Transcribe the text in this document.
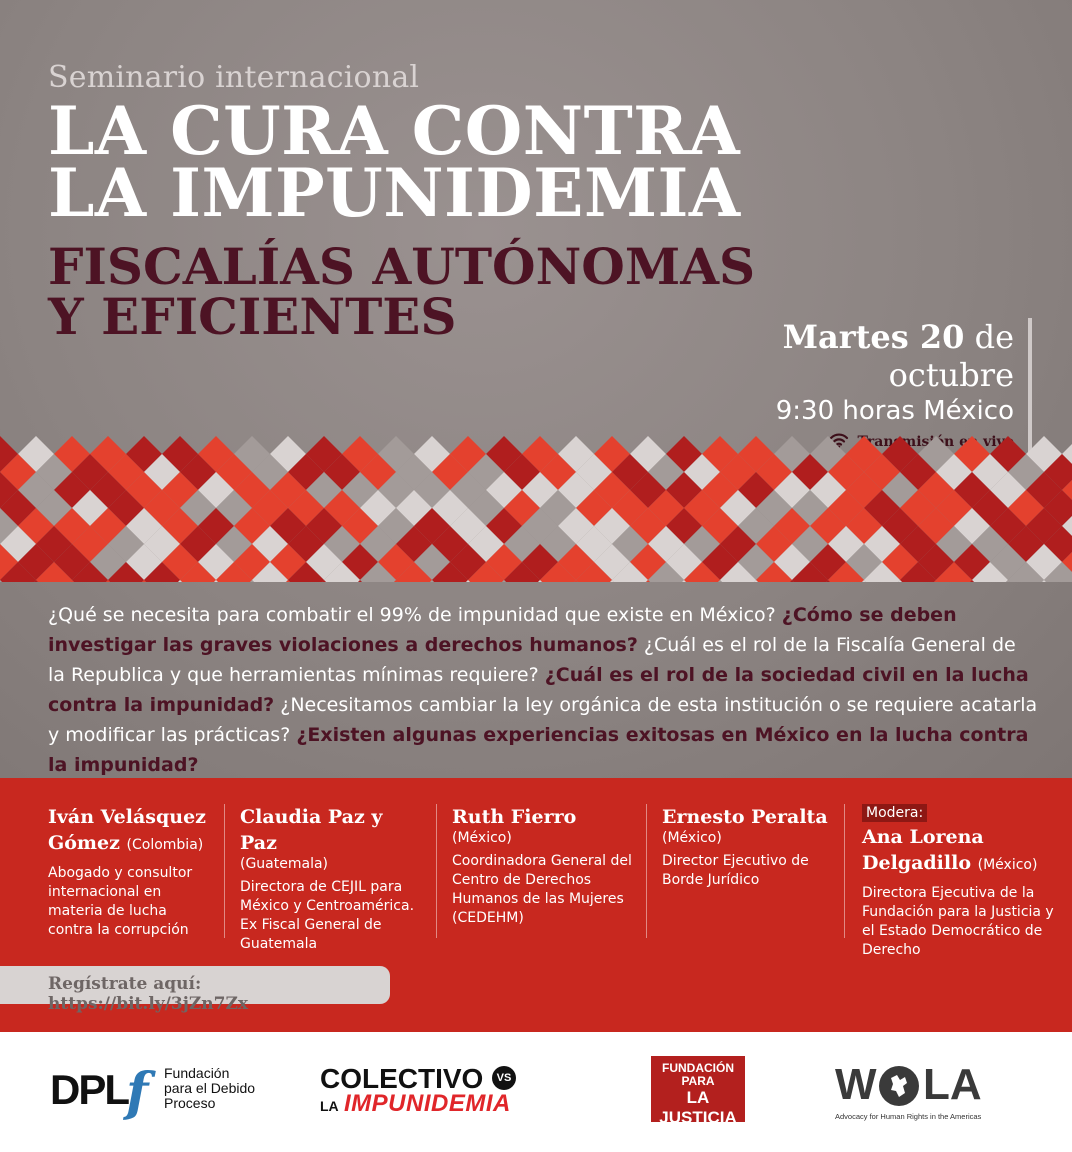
Seminario internacional
LA CURA CONTRA
LA IMPUNIDEMIA
FISCALÍAS AUTÓNOMAS
Y EFICIENTES	Martes 20 de octubre
9:30 horas México
vivo
¿Qué se necesita para combatir el 99% de impunidad que existe en México? ¿Cómo se deben investigar las graves violaciones a derechos humanos? ¿Cuál es el rol de la Fiscalía General de la Republica y que herramientas mínimas requiere? ¿Cuál es el rol de la sociedad civil en la lucha contra la impunidad? ¿Necesitamos cambiar la ley orgánica de esta institución o se requiere acatarla y modificar las prácticas? ¿Existen algunas experiencias exitosas en México en la lucha contra la impunidad?
Iván Velásquez Gómez (Colombia)
Abogado y consultor internacional en materia de lucha contra la corrupción
Claudia Paz y Paz
(Guatemala)
Directora de CEJIL para México y Centroamérica. Ex Fiscal General de Guatemala
Ruth Fierro
(México)
Coordinadora General del Centro de Derechos Humanos de las Mujeres (CEDEHM)
Ernesto Peralta
(México)
Director Ejecutivo de Borde Jurídico
Modera:
Ana Lorena Delgadillo (México)
Directora Ejecutiva de la Fundación para la Justicia y el Estado Democrático de Derecho
Regístrate aquí: https://bit.ly/3jZn7Zx
DPL
f Fundación
para el Debido
Proceso
COLECTIVO	VS
LA IMPUNIDEMIA
FUNDACIÓN PARA
LA JUSTICIA
Y EL ESTADO DEMOCRÁTICO DE DERECHO
W LA
Advocacy for Human Rights in the Americas
